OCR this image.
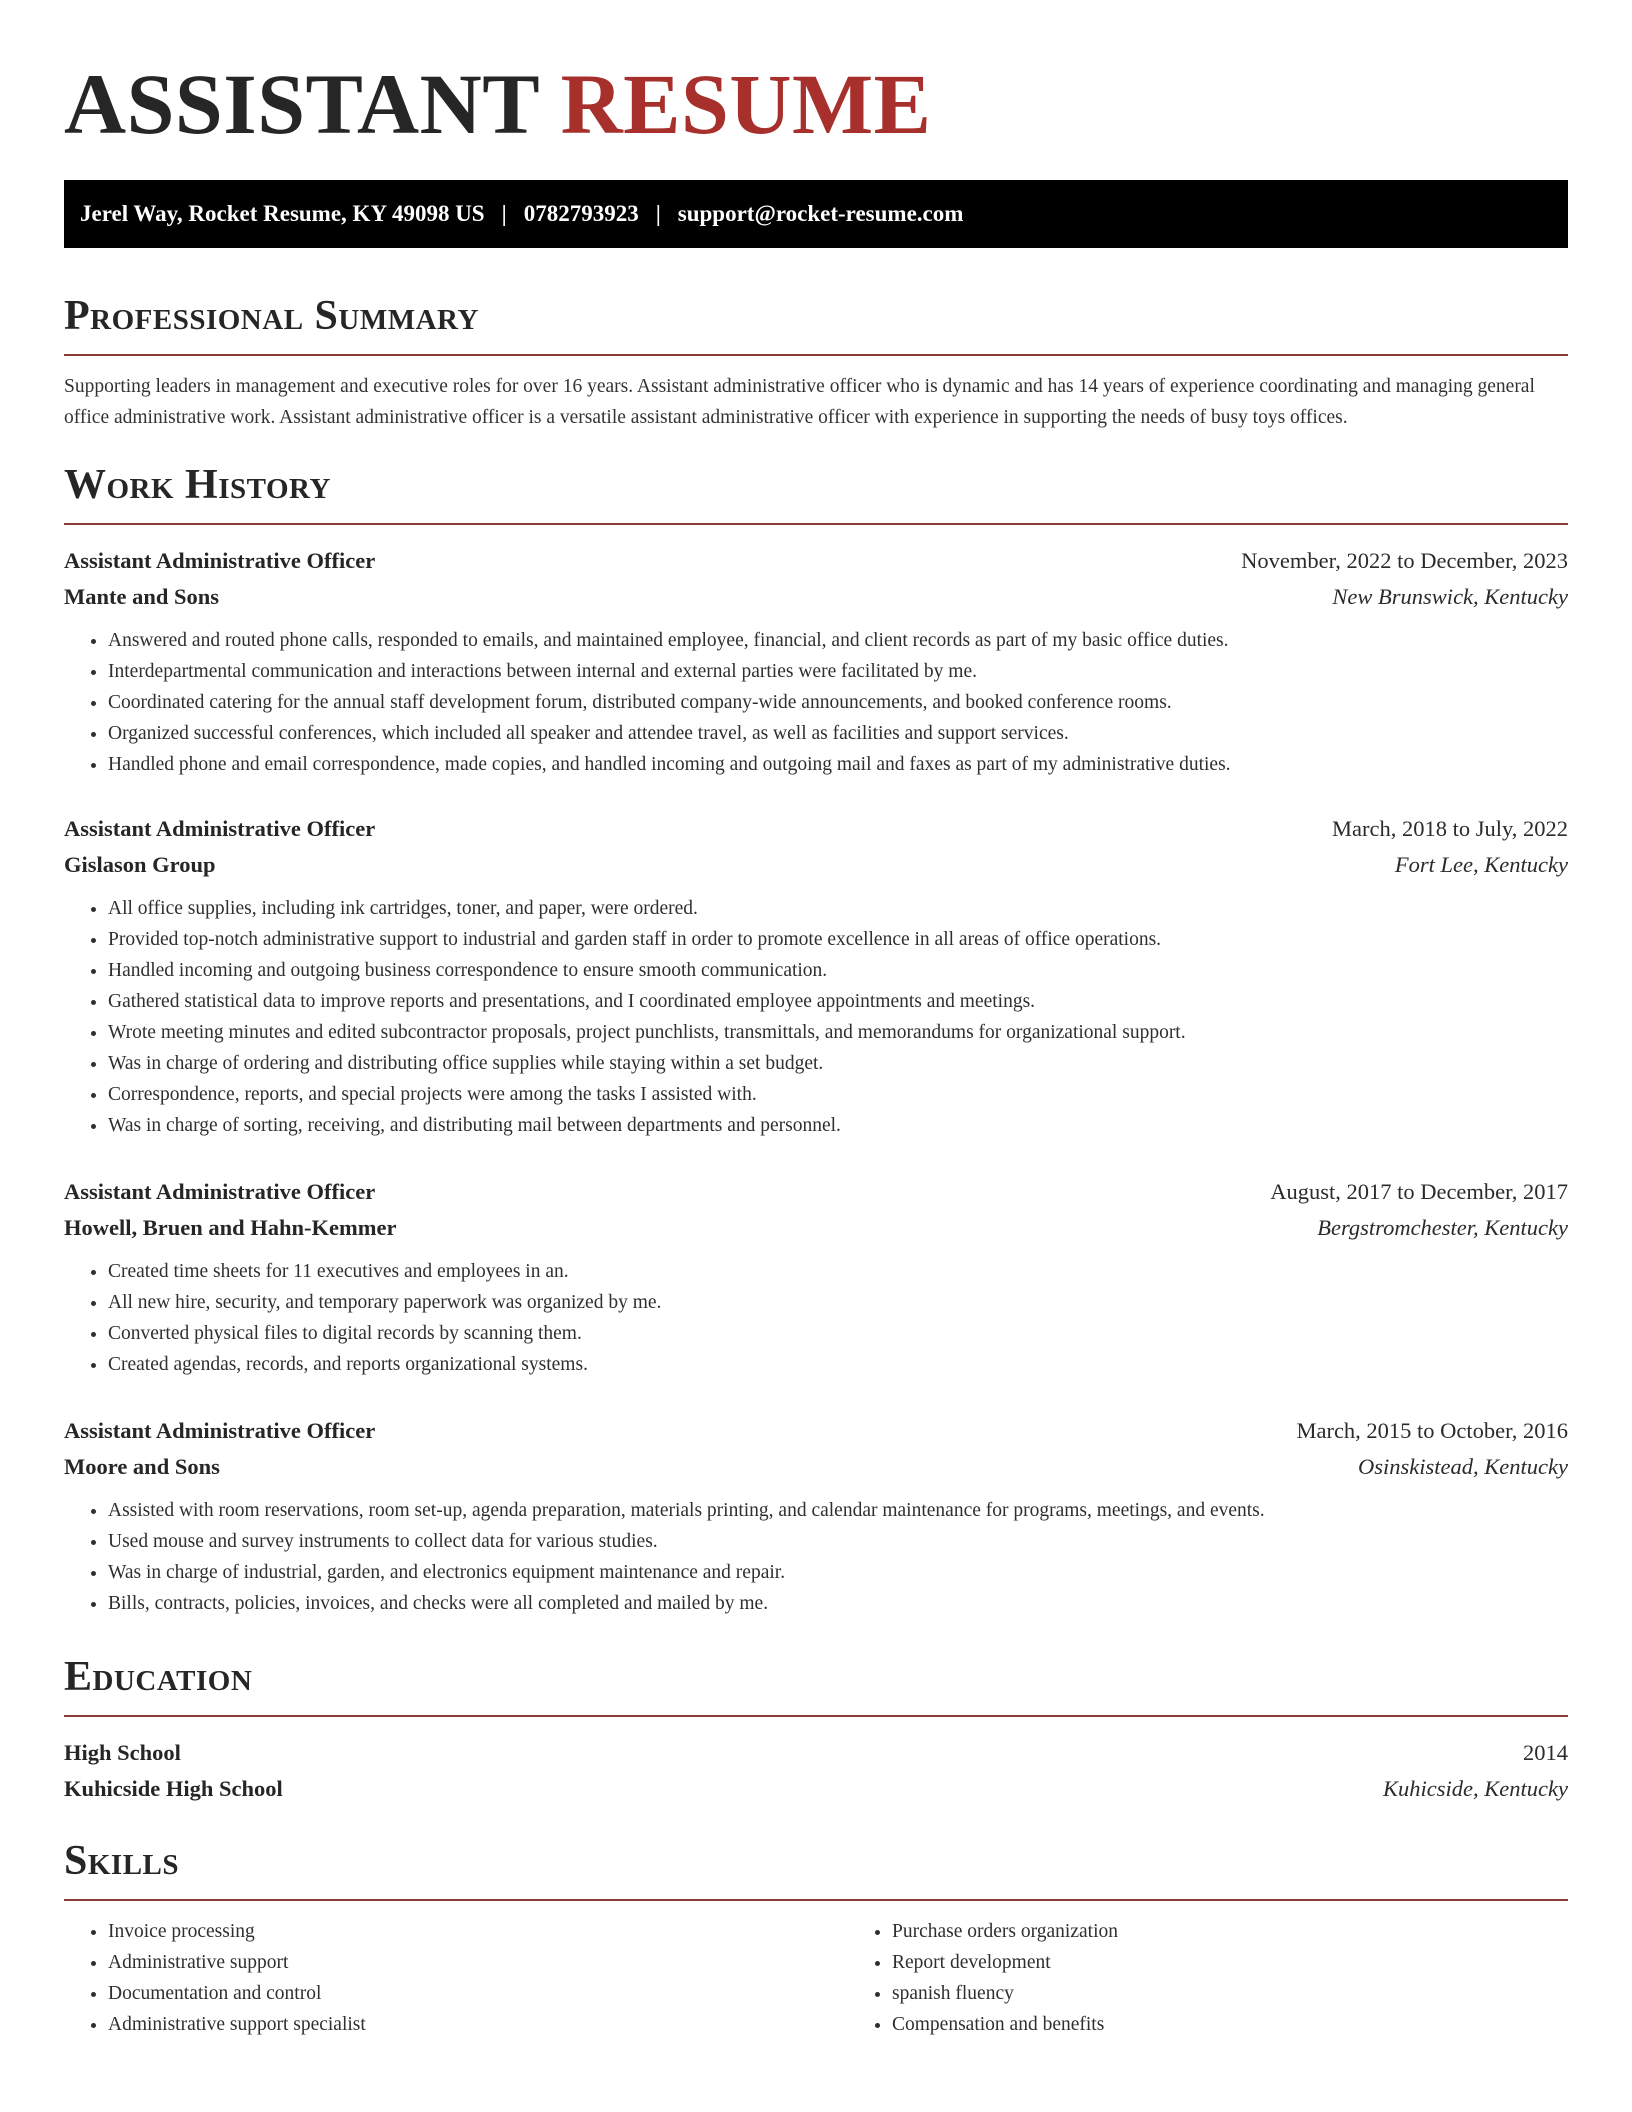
ASSISTANT RESUME
Jerel Way, Rocket Resume, KY 49098 US | 0782793923 | support@rocket-resume.com
Professional Summary

Supporting leaders in management and executive roles for over 16 years. Assistant administrative officer who is dynamic and has 14 years of experience coordinating and managing general office administrative work. Assistant administrative officer is a versatile assistant administrative officer with experience in supporting the needs of busy toys offices.

Work History
Assistant Administrative Officer	November, 2022 to December, 2023
Mante and Sons	New Brunswick, Kentucky
• Answered and routed phone calls, responded to emails, and maintained employee, financial, and client records as part of my basic office duties.
• Interdepartmental communication and interactions between internal and external parties were facilitated by me.
• Coordinated catering for the annual staff development forum, distributed company-wide announcements, and booked conference rooms.
• Organized successful conferences, which included all speaker and attendee travel, as well as facilities and support services.
• Handled phone and email correspondence, made copies, and handled incoming and outgoing mail and faxes as part of my administrative duties.
Assistant Administrative Officer	March, 2018 to July, 2022
Gislason Group	Fort Lee, Kentucky
• All office supplies, including ink cartridges, toner, and paper, were ordered.
• Provided top-notch administrative support to industrial and garden staff in order to promote excellence in all areas of office operations.
• Handled incoming and outgoing business correspondence to ensure smooth communication.
• Gathered statistical data to improve reports and presentations, and I coordinated employee appointments and meetings.
• Wrote meeting minutes and edited subcontractor proposals, project punchlists, transmittals, and memorandums for organizational support.
• Was in charge of ordering and distributing office supplies while staying within a set budget.
• Correspondence, reports, and special projects were among the tasks I assisted with.
• Was in charge of sorting, receiving, and distributing mail between departments and personnel.
Assistant Administrative Officer	August, 2017 to December, 2017
Howell, Bruen and Hahn-Kemmer	Bergstromchester, Kentucky
• Created time sheets for 11 executives and employees in an.
• All new hire, security, and temporary paperwork was organized by me.
• Converted physical files to digital records by scanning them.
• Created agendas, records, and reports organizational systems.
Assistant Administrative Officer	March, 2015 to October, 2016
Moore and Sons	Osinskistead, Kentucky
• Assisted with room reservations, room set-up, agenda preparation, materials printing, and calendar maintenance for programs, meetings, and events.
• Used mouse and survey instruments to collect data for various studies.
• Was in charge of industrial, garden, and electronics equipment maintenance and repair.
• Bills, contracts, policies, invoices, and checks were all completed and mailed by me.
Education
High School	2014
Kuhicside High School	Kuhicside, Kentucky
Skills
• Invoice processing
• Administrative support
• Documentation and control
• Administrative support specialist
• Purchase orders organization
• Report development
• spanish fluency
• Compensation and benefits
